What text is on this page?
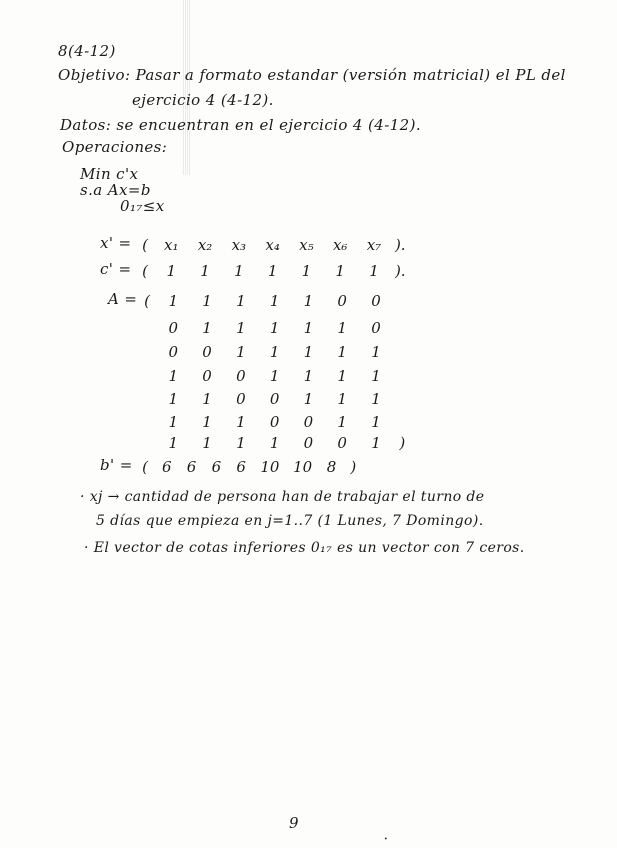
8(4-12)
Objetivo: Pasar a formato estandar (versión matricial) el PL del
ejercicio 4 (4-12).
Datos: se encuentran en el ejercicio 4 (4-12).
Operaciones:
Min c'x
s.a Ax=b
0₁₇≤x
x' = ( x₁ x₂ x₃ x₄ x₅ x₆ x₇ ).
c' = ( 1 1 1 1 1 1 1 ).
A = ( 1 1 1 1 1 0 0
0 1 1 1 1 1 0
0 0 1 1 1 1 1
1 0 0 1 1 1 1
1 1 0 0 1 1 1
1 1 1 0 0 1 1
1 1 1 1 0 0 1 )
b' = ( 6 6 6 6 10 10 8 )
· xj → cantidad de persona han de trabajar el turno de
5 días que empieza en j=1..7 (1 Lunes, 7 Domingo).
· El vector de cotas inferiores 0₁₇ es un vector con 7 ceros.
9
•
